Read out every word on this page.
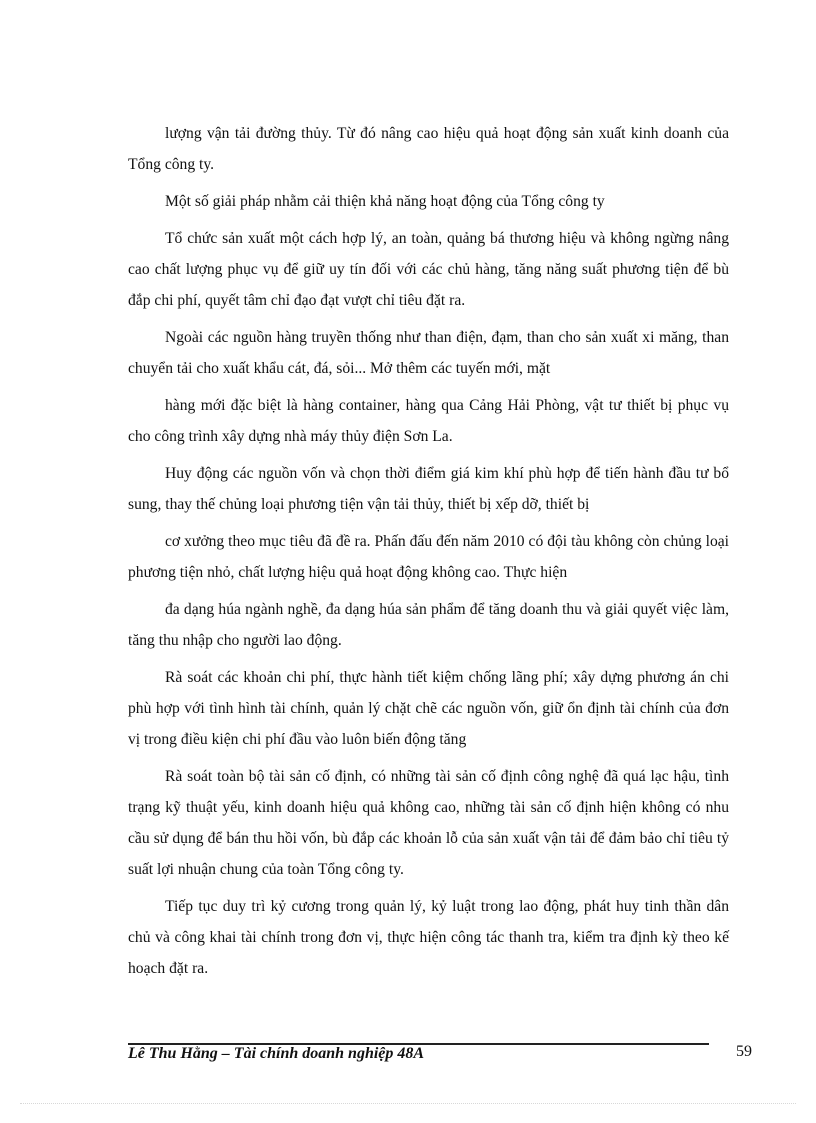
lượng vận tải đường thủy. Từ đó nâng cao hiệu quả hoạt động sản xuất kinh doanh của Tổng công ty.

Một số giải pháp nhằm cải thiện khả năng hoạt động của Tổng công ty

Tổ chức sản xuất một cách hợp lý, an toàn, quảng bá thương hiệu và không ngừng nâng cao chất lượng phục vụ để giữ uy tín đối với các chủ hàng, tăng năng suất phương tiện để bù đắp chi phí, quyết tâm chỉ đạo đạt vượt chỉ tiêu đặt ra.

Ngoài các nguồn hàng truyền thống như than điện, đạm, than cho sản xuất xi măng, than chuyển tải cho xuất khẩu cát, đá, sỏi... Mở thêm các tuyến mới, mặt

hàng mới đặc biệt là hàng container, hàng qua Cảng Hải Phòng, vật tư thiết bị phục vụ cho công trình xây dựng nhà máy thủy điện Sơn La.

Huy động các nguồn vốn và chọn thời điểm giá kim khí phù hợp để tiến hành đầu tư bổ sung, thay thế chủng loại phương tiện vận tải thủy, thiết bị xếp dỡ, thiết bị

cơ xưởng theo mục tiêu đã đề ra. Phấn đấu đến năm 2010 có đội tàu không còn chủng loại phương tiện nhỏ, chất lượng hiệu quả hoạt động không cao. Thực hiện

đa dạng húa ngành nghề, đa dạng húa sản phẩm để tăng doanh thu và giải quyết việc làm, tăng thu nhập cho người lao động.

Rà soát các khoản chi phí, thực hành tiết kiệm chống lãng phí; xây dựng phương án chi phù hợp với tình hình tài chính, quản lý chặt chẽ các nguồn vốn, giữ ổn định tài chính của đơn vị trong điều kiện chi phí đầu vào luôn biến động tăng

Rà soát toàn bộ tài sản cố định, có những tài sản cố định công nghệ đã quá lạc hậu, tình trạng kỹ thuật yếu, kinh doanh hiệu quả không cao, những tài sản cố định hiện không có nhu cầu sử dụng để bán thu hồi vốn, bù đắp các khoản lỗ của sản xuất vận tải để đảm bảo chỉ tiêu tỷ suất lợi nhuận chung của toàn Tổng công ty.

Tiếp tục duy trì kỷ cương trong quản lý, kỷ luật trong lao động, phát huy tinh thần dân chủ và công khai tài chính trong đơn vị, thực hiện công tác thanh tra, kiểm tra định kỳ theo kế hoạch đặt ra.

Lê Thu Hằng – Tài chính doanh nghiệp 48A	59
